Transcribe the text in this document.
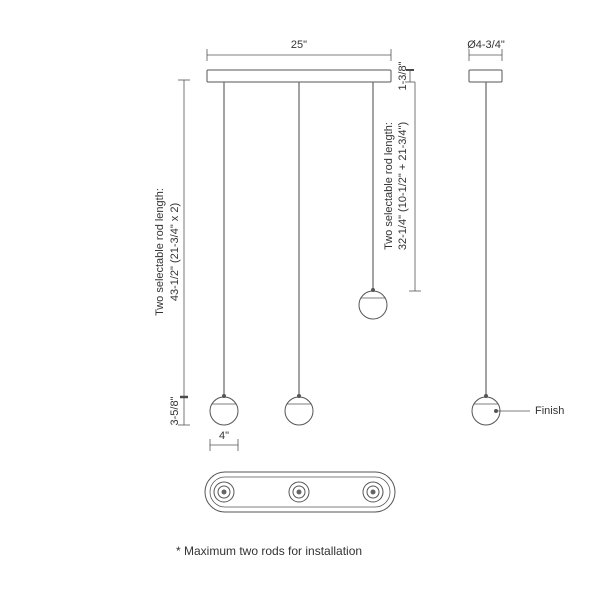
25"
Two selectable rod length: 43-1/2" (21-3/4" x 2)
3-5/8"
4"
1-3/8"
Two selectable rod length: 32-1/4" (10-1/2" + 21-3/4")
Ø4-3/4"
Finish
* Maximum two rods for installation
